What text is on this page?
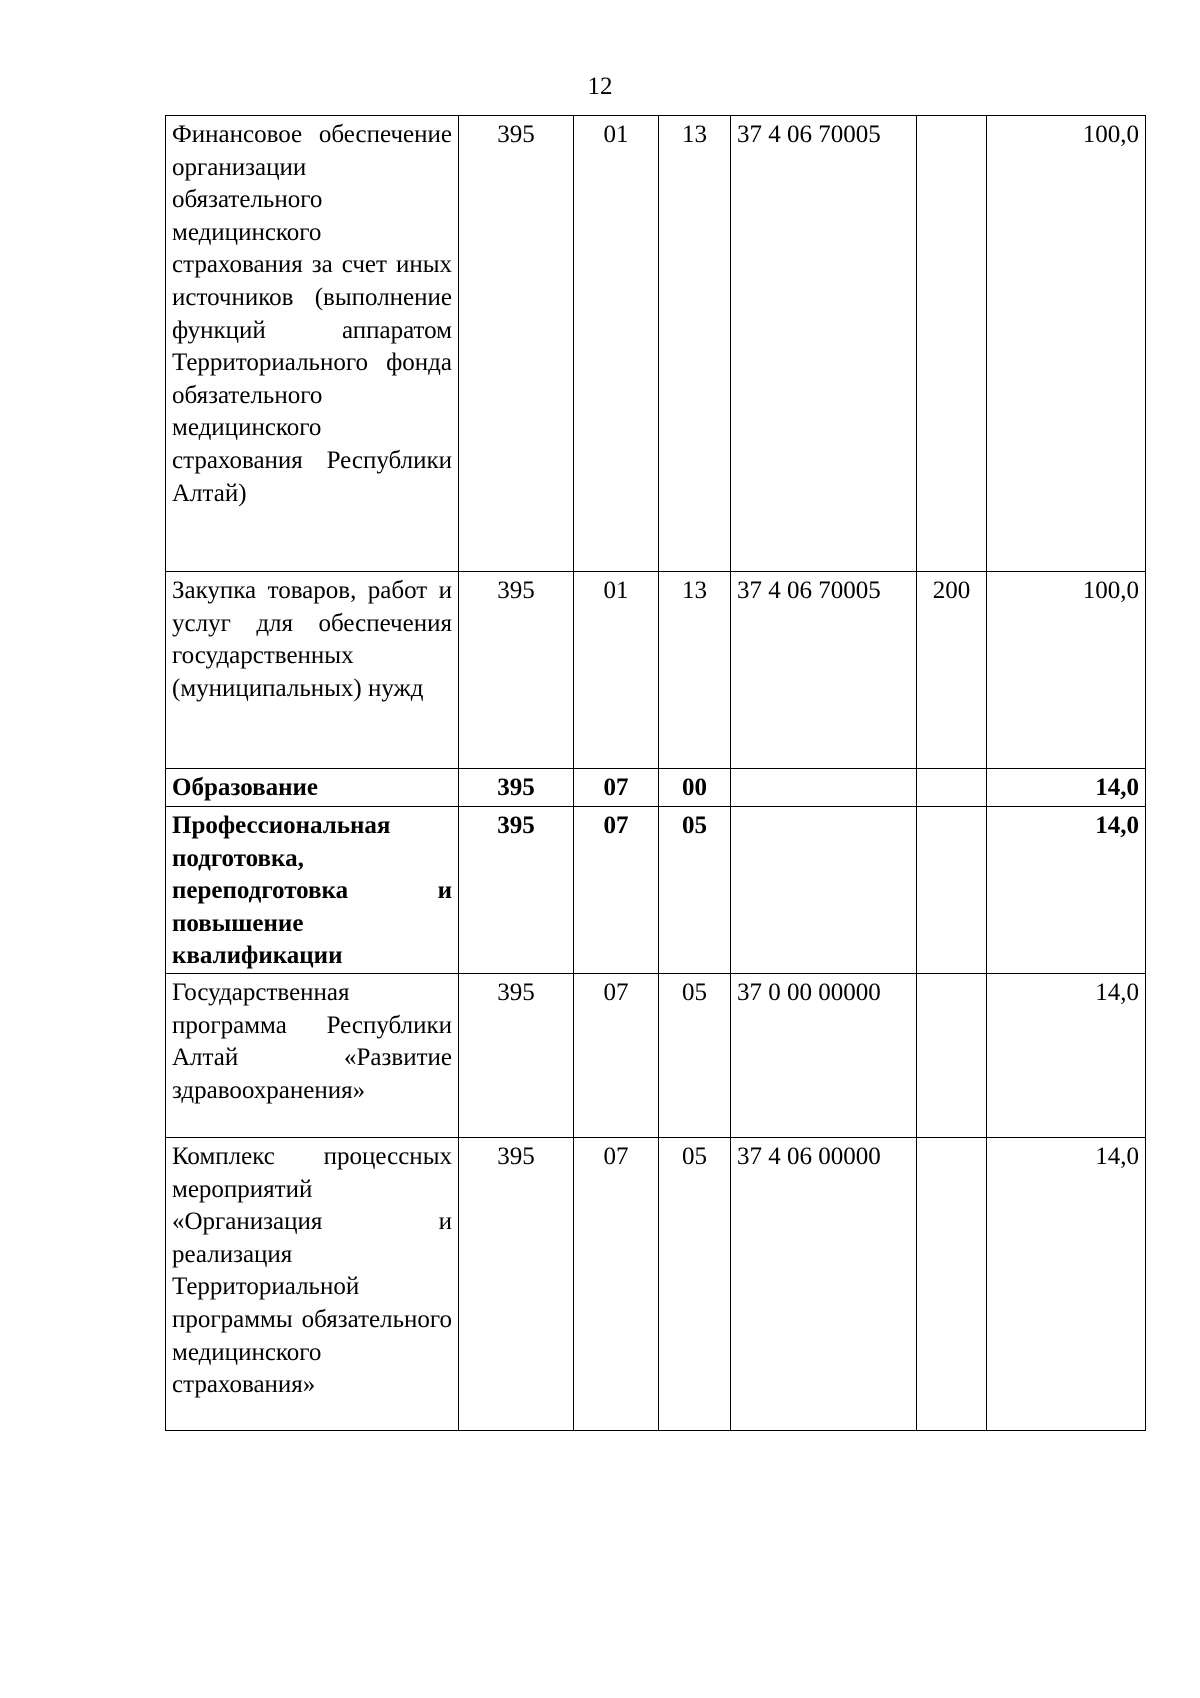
12
Финансовое обеспечение организации обязательного медицинского страхования за счет иных источников (выполнение функций аппаратом Территориального фонда обязательного медицинского страхования Республики Алтай)	395	01	13	37 4 06 70005		100,0
Закупка товаров, работ и услуг для обеспечения государственных (муниципальных) нужд	395	01	13	37 4 06 70005	200	100,0
Образование	395	07	00			14,0
Профессиональная подготовка, переподготовка и повышение квалификации	395	07	05			14,0
Государственная программа Республики Алтай «Развитие здравоохранения»	395	07	05	37 0 00 00000		14,0
Комплекс процессных мероприятий «Организация и реализация Территориальной программы обязательного медицинского страхования»	395	07	05	37 4 06 00000		14,0
